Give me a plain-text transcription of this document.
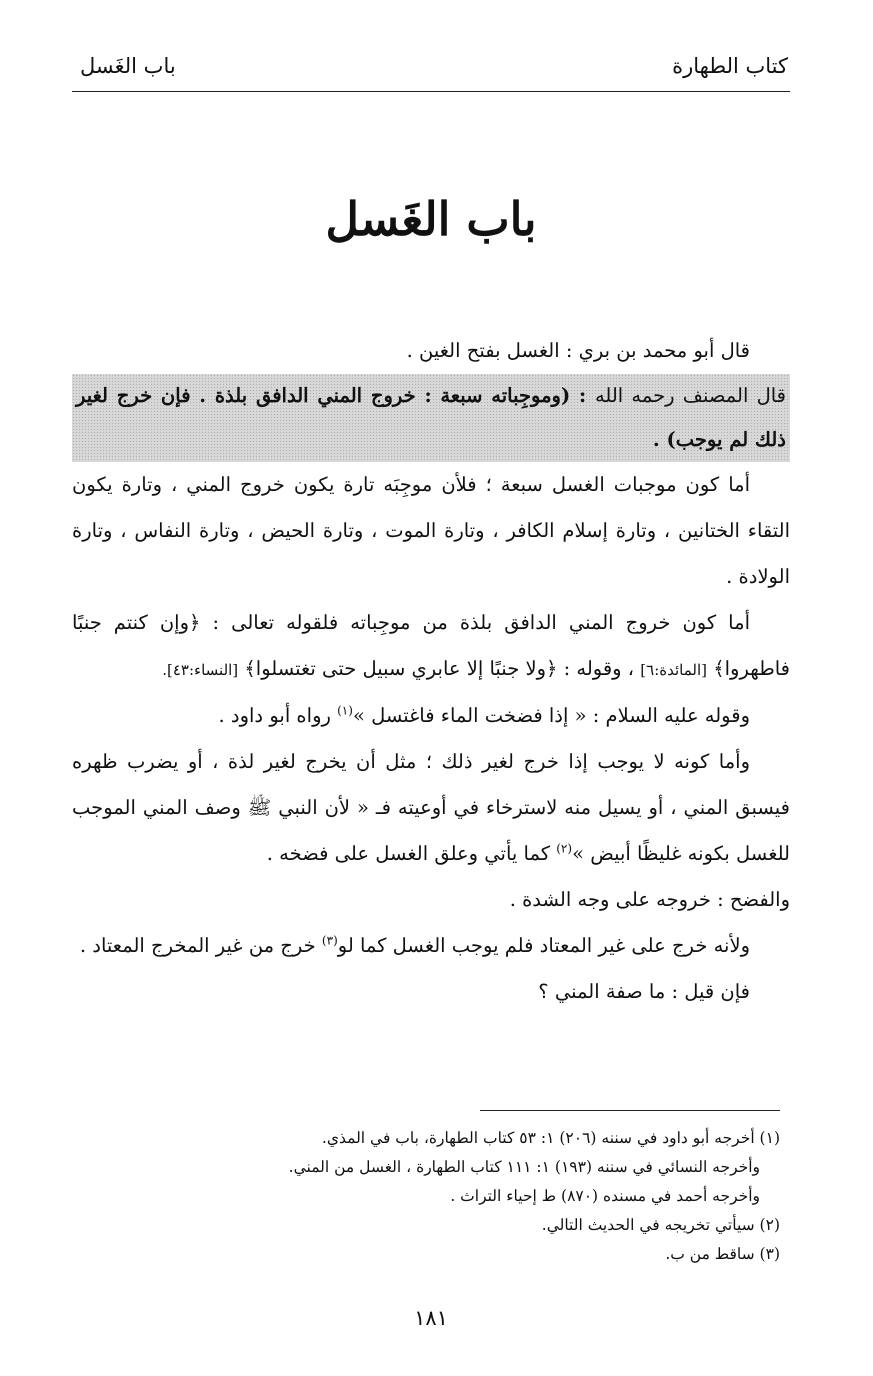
كتاب الطهارة
باب الغَسل
باب الغَسل

قال أبو محمد بن بري : الغسل بفتح الغين .

قال المصنف رحمه الله : (وموجِباته سبعة : خروج المني الدافق بلذة . فإن خرج لغير ذلك لم يوجب) .

أما كون موجبات الغسل سبعة ؛ فلأن موجِبَه تارة يكون خروج المني ، وتارة يكون التقاء الختانين ، وتارة إسلام الكافر ، وتارة الموت ، وتارة الحيض ، وتارة النفاس ، وتارة الولادة .

أما كون خروج المني الدافق بلذة من موجِباته فلقوله تعالى : ﴿وإن كنتم جنبًا فاطهروا﴾ [المائدة:٦] ، وقوله : ﴿ولا جنبًا إلا عابري سبيل حتى تغتسلوا﴾ [النساء:٤٣].

وقوله عليه السلام : « إذا فضخت الماء فاغتسل »$^{(١)}$ رواه أبو داود .

وأما كونه لا يوجب إذا خرج لغير ذلك ؛ مثل أن يخرج لغير لذة ، أو يضرب ظهره فيسبق المني ، أو يسيل منه لاسترخاء في أوعيته فـ « لأن النبي ﷺ وصف المني الموجب للغسل بكونه غليظًا أبيض »$^{(٢)}$ كما يأتي وعلق الغسل على فضخه .

والفضح : خروجه على وجه الشدة .

ولأنه خرج على غير المعتاد فلم يوجب الغسل كما لو$^{(٣)}$ خرج من غير المخرج المعتاد .

فإن قيل : ما صفة المني ؟

(١) أخرجه أبو داود في سننه (٢٠٦) ١: ٥٣ كتاب الطهارة، باب في المذي.

وأخرجه النسائي في سننه (١٩٣) ١: ١١١ كتاب الطهارة ، الغسل من المني.

وأخرجه أحمد في مسنده (٨٧٠) ط إحياء التراث .

(٢) سيأتي تخريجه في الحديث التالي.

(٣) ساقط من ب.

١٨١
